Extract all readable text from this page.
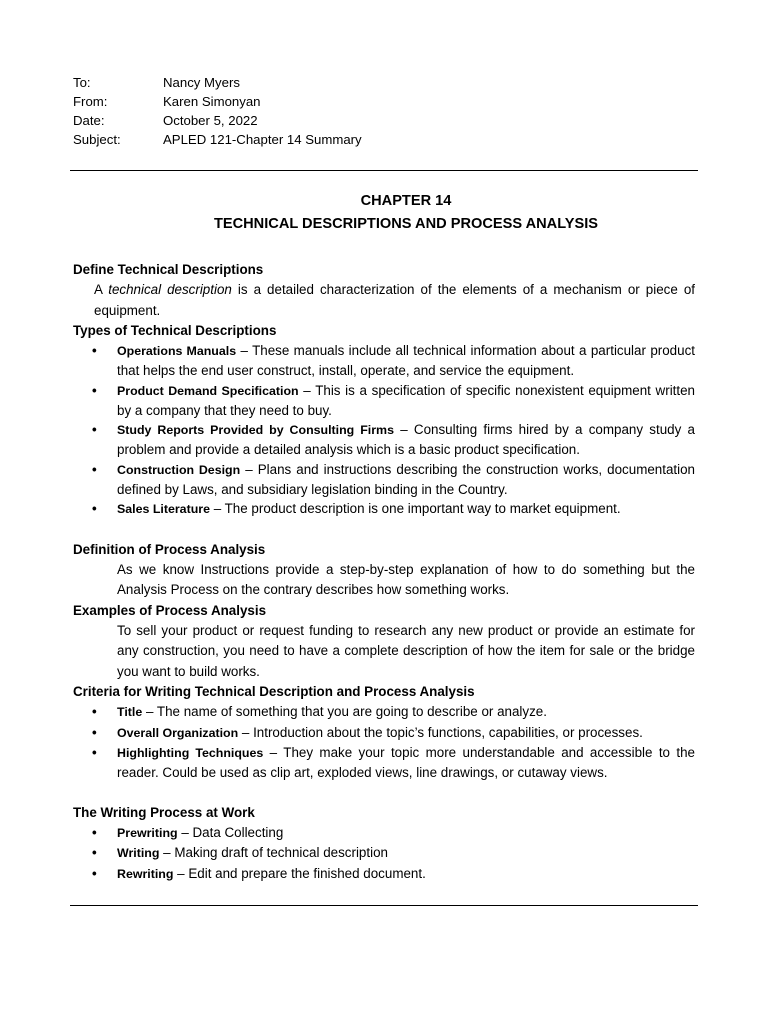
To:	Nancy Myers
From:	Karen Simonyan
Date:	October 5, 2022
Subject:	APLED 121-Chapter 14 Summary
CHAPTER 14
TECHNICAL DESCRIPTIONS AND PROCESS ANALYSIS
Define Technical Descriptions
A technical description is a detailed characterization of the elements of a mechanism or piece of equipment.
Types of Technical Descriptions
• Operations Manuals – These manuals include all technical information about a particular product that helps the end user construct, install, operate, and service the equipment.
• Product Demand Specification – This is a specification of specific nonexistent equipment written by a company that they need to buy.
• Study Reports Provided by Consulting Firms – Consulting firms hired by a company study a problem and provide a detailed analysis which is a basic product specification.
• Construction Design – Plans and instructions describing the construction works, documentation defined by Laws, and subsidiary legislation binding in the Country.
• Sales Literature – The product description is one important way to market equipment.
Definition of Process Analysis
As we know Instructions provide a step-by-step explanation of how to do something but the Analysis Process on the contrary describes how something works.
Examples of Process Analysis
To sell your product or request funding to research any new product or provide an estimate for any construction, you need to have a complete description of how the item for sale or the bridge you want to build works.
Criteria for Writing Technical Description and Process Analysis
• Title – The name of something that you are going to describe or analyze.
• Overall Organization – Introduction about the topic’s functions, capabilities, or processes.
• Highlighting Techniques – They make your topic more understandable and accessible to the reader. Could be used as clip art, exploded views, line drawings, or cutaway views.
The Writing Process at Work
• Prewriting – Data Collecting
• Writing – Making draft of technical description
• Rewriting – Edit and prepare the finished document.
